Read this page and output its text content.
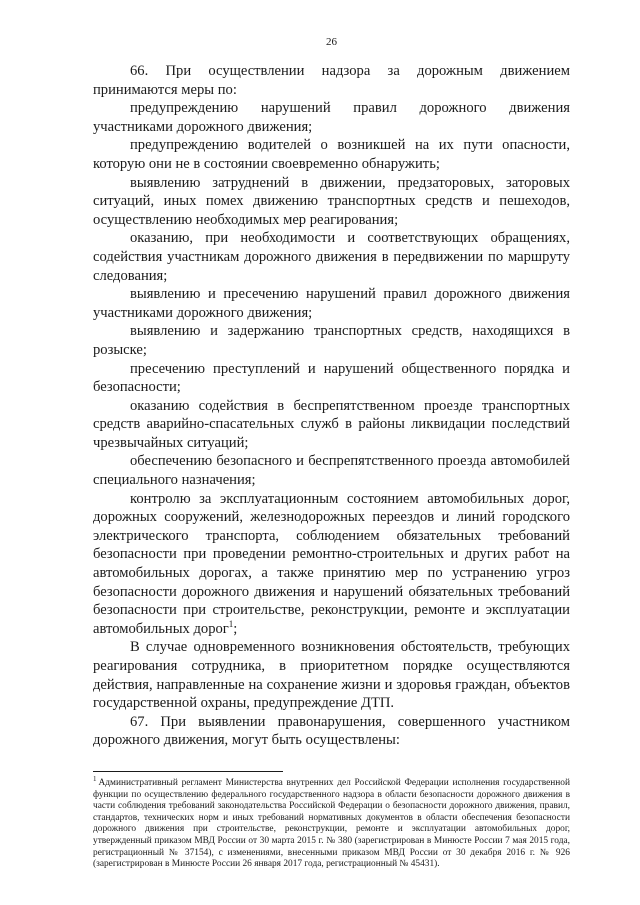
26

66. При осуществлении надзора за дорожным движением принимаются меры по:

предупреждению нарушений правил дорожного движения участниками дорожного движения;

предупреждению водителей о возникшей на их пути опасности, которую они не в состоянии своевременно обнаружить;

выявлению затруднений в движении, предзаторовых, заторовых ситуаций, иных помех движению транспортных средств и пешеходов, осуществлению необходимых мер реагирования;

оказанию, при необходимости и соответствующих обращениях, содействия участникам дорожного движения в передвижении по маршруту следования;

выявлению и пресечению нарушений правил дорожного движения участниками дорожного движения;

выявлению и задержанию транспортных средств, находящихся в розыске;

пресечению преступлений и нарушений общественного порядка и безопасности;

оказанию содействия в беспрепятственном проезде транспортных средств аварийно-спасательных служб в районы ликвидации последствий чрезвычайных ситуаций;

обеспечению безопасного и беспрепятственного проезда автомобилей специального назначения;

контролю за эксплуатационным состоянием автомобильных дорог, дорожных сооружений, железнодорожных переездов и линий городского электрического транспорта, соблюдением обязательных требований безопасности при проведении ремонтно-строительных и других работ на автомобильных дорогах, а также принятию мер по устранению угроз безопасности дорожного движения и нарушений обязательных требований безопасности при строительстве, реконструкции, ремонте и эксплуатации автомобильных дорог$^1$;

В случае одновременного возникновения обстоятельств, требующих реагирования сотрудника, в приоритетном порядке осуществляются действия, направленные на сохранение жизни и здоровья граждан, объектов государственной охраны, предупреждение ДТП.

67. При выявлении правонарушения, совершенного участником дорожного движения, могут быть осуществлены:

$^1$ Административный регламент Министерства внутренних дел Российской Федерации исполнения государственной функции по осуществлению федерального государственного надзора в области безопасности дорожного движения в части соблюдения требований законодательства Российской Федерации о безопасности дорожного движения, правил, стандартов, технических норм и иных требований нормативных документов в области обеспечения безопасности дорожного движения при строительстве, реконструкции, ремонте и эксплуатации автомобильных дорог, утвержденный приказом МВД России от 30 марта 2015 г. № 380 (зарегистрирован в Минюсте России 7 мая 2015 года, регистрационный № 37154), с изменениями, внесенными приказом МВД России от 30 декабря 2016 г. № 926 (зарегистрирован в Минюсте России 26 января 2017 года, регистрационный № 45431).
